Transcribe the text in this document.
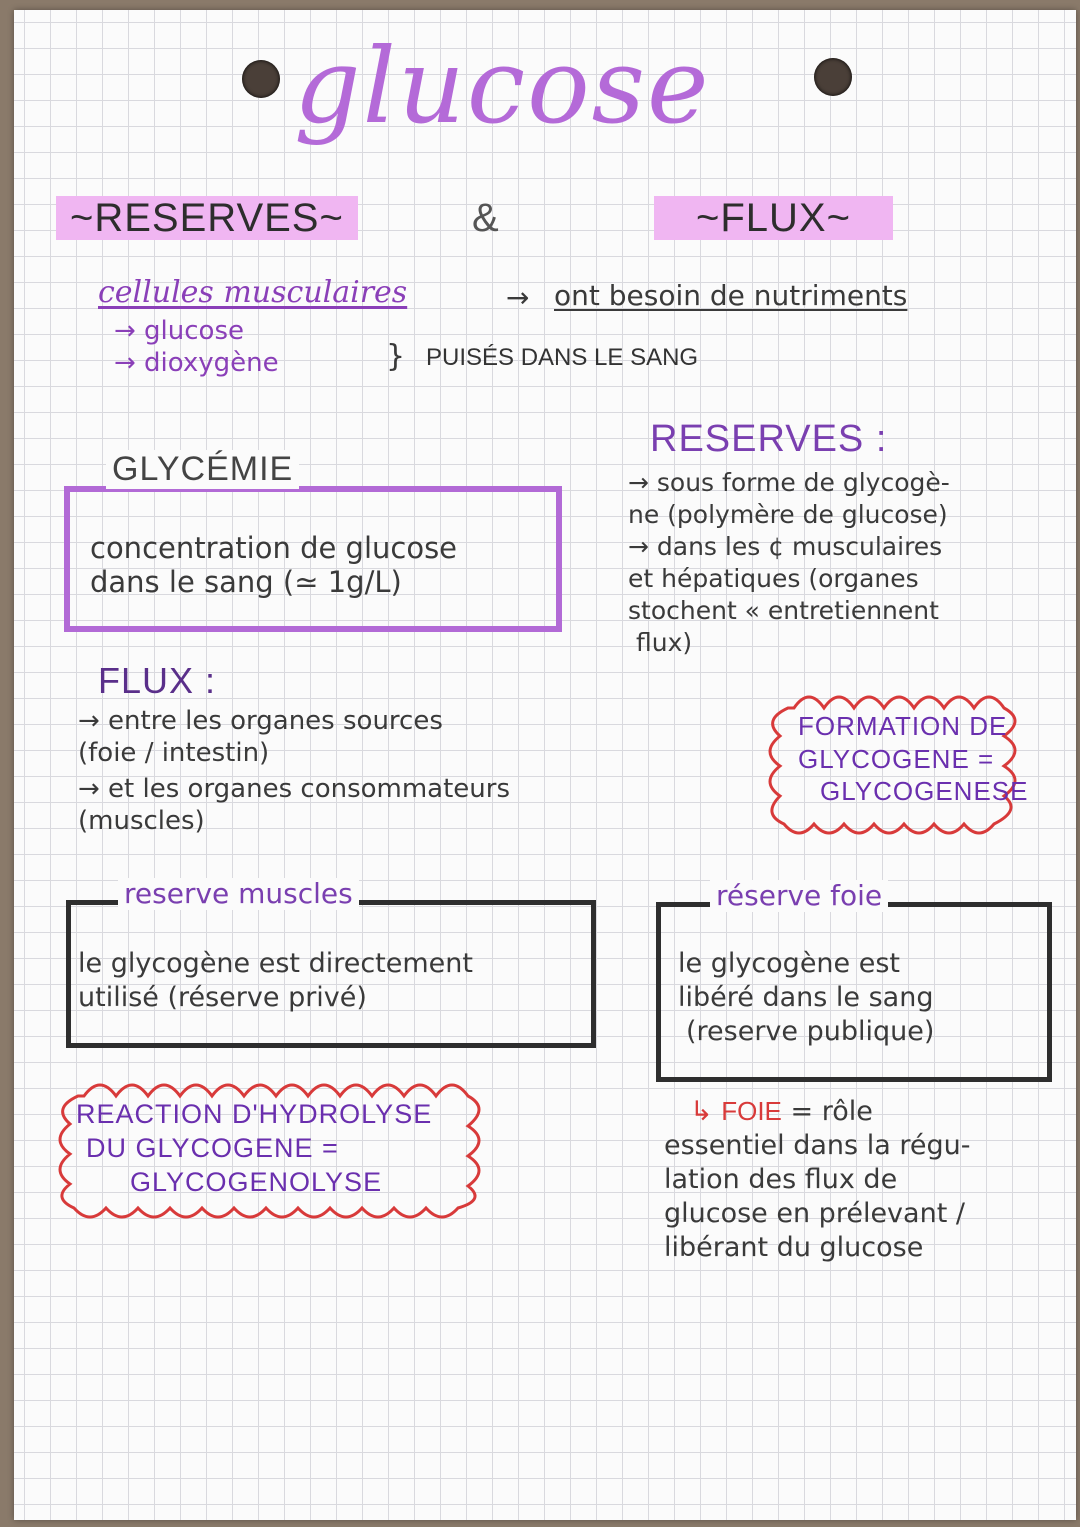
glucose
~RESERVES~	&	~FLUX~
cellules musculaires	→ ont besoin de nutriments
→ glucose
→ dioxygène	} PUISÉS DANS LE SANG
GLYCÉMIE
concentration de glucose
dans le sang (≃ 1g/L)
RESERVES :
→ sous forme de glycogè-
ne (polymère de glucose)
→ dans les ¢ musculaires
et hépatiques (organes
stochent « entretiennent
flux)
FLUX :
→ entre les organes sources
(foie / intestin)
→ et les organes consommateurs
(muscles)
FORMATION DE
GLYCOGENE =
GLYCOGENESE
reserve muscles
le glycogène est directement
utilisé (réserve privé)
réserve foie
le glycogène est
libéré dans le sang
(reserve publique)
REACTION D'HYDROLYSE
DU GLYCOGENE =
GLYCOGENOLYSE
↳ FOIE = rôle
essentiel dans la régu-
lation des flux de
glucose en prélevant /
libérant du glucose
